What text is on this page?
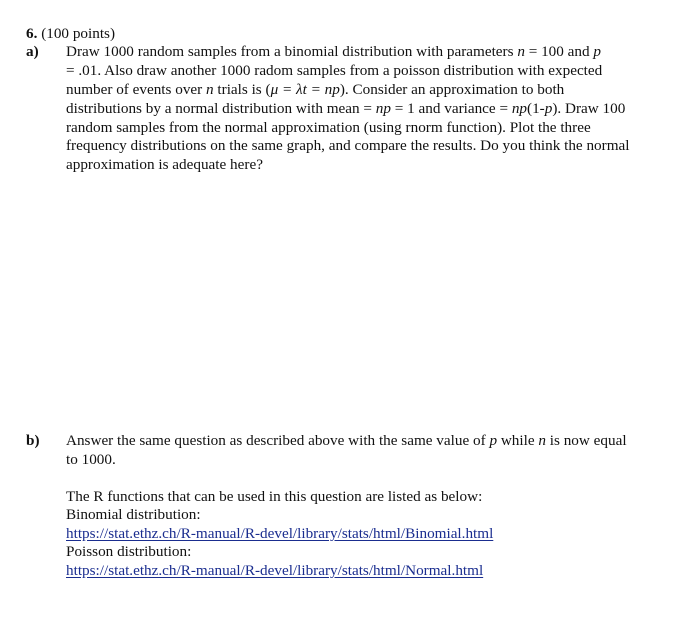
6. (100 points)
a) Draw 1000 random samples from a binomial distribution with parameters n = 100 and p
= .01. Also draw another 1000 radom samples from a poisson distribution with expected
number of events over n trials is (μ = λt = np). Consider an approximation to both
distributions by a normal distribution with mean = np = 1 and variance = np(1-p). Draw 100
random samples from the normal approximation (using rnorm function). Plot the three
frequency distributions on the same graph, and compare the results. Do you think the normal
approximation is adequate here?
b) Answer the same question as described above with the same value of p while n is now equal
to 1000.
The R functions that can be used in this question are listed as below:
Binomial distribution:
https://stat.ethz.ch/R-manual/R-devel/library/stats/html/Binomial.html
Poisson distribution:
https://stat.ethz.ch/R-manual/R-devel/library/stats/html/Normal.html
